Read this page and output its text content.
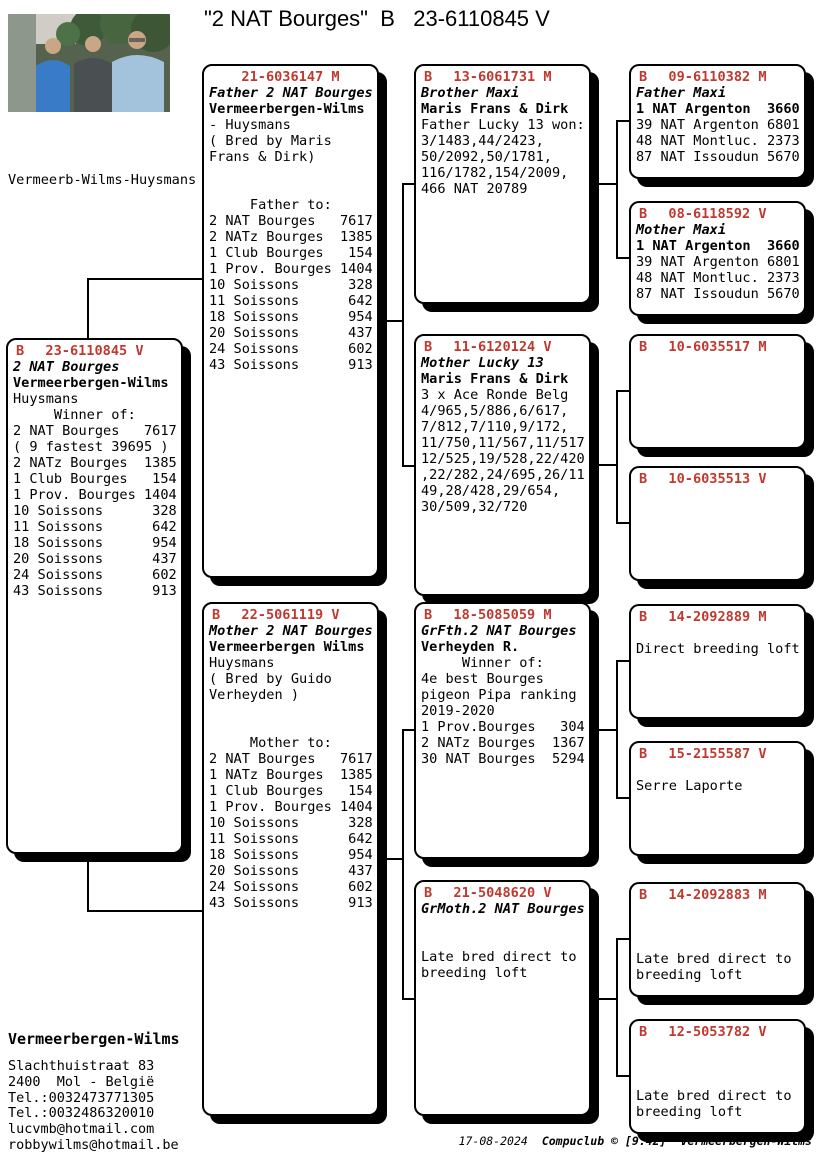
"2 NAT Bourges"  B   23-6110845 V
Vermeerb-Wilms-Huysmans
B 23-6110845 V
2 NAT Bourges
Vermeerbergen-Wilms
Huysmans
Winner of:
2 NAT Bourges   7617
( 9 fastest 39695 )
2 NATz Bourges  1385
1 Club Bourges   154
1 Prov. Bourges 1404
10 Soissons      328
11 Soissons      642
18 Soissons      954
20 Soissons      437
24 Soissons      602
43 Soissons      913
21-6036147 M
Father 2 NAT Bourges
Vermeerbergen-Wilms
- Huysmans
( Bred by Maris
Frans & Dirk)
Father to:
2 NAT Bourges   7617
2 NATz Bourges  1385
1 Club Bourges   154
1 Prov. Bourges 1404
10 Soissons      328
11 Soissons      642
18 Soissons      954
20 Soissons      437
24 Soissons      602
43 Soissons      913
B 22-5061119 V
Mother 2 NAT Bourges
Vermeerbergen Wilms
Huysmans
( Bred by Guido
Verheyden )
Mother to:
2 NAT Bourges   7617
1 NATz Bourges  1385
1 Club Bourges   154
1 Prov. Bourges 1404
10 Soissons      328
11 Soissons      642
18 Soissons      954
20 Soissons      437
24 Soissons      602
43 Soissons      913
B 13-6061731 M
Brother Maxi
Maris Frans & Dirk
Father Lucky 13 won:
3/1483,44/2423,
50/2092,50/1781,
116/1782,154/2009,
466 NAT 20789
B 11-6120124 V
Mother Lucky 13
Maris Frans & Dirk
3 x Ace Ronde Belg
4/965,5/886,6/617,
7/812,7/110,9/172,
11/750,11/567,11/517
12/525,19/528,22/420
,22/282,24/695,26/11
49,28/428,29/654,
30/509,32/720
B 18-5085059 M
GrFth.2 NAT Bourges
Verheyden R.
Winner of:
4e best Bourges
pigeon Pipa ranking
2019-2020
1 Prov.Bourges   304
2 NATz Bourges  1367
30 NAT Bourges  5294
B 21-5048620 V
GrMoth.2 NAT Bourges
Late bred direct to
breeding loft
B 09-6110382 M
Father Maxi
1 NAT Argenton  3660
39 NAT Argenton 6801
48 NAT Montluc. 2373
87 NAT Issoudun 5670
B 08-6118592 V
Mother Maxi
1 NAT Argenton  3660
39 NAT Argenton 6801
48 NAT Montluc. 2373
87 NAT Issoudun 5670
B 10-6035517 M
B 10-6035513 V
B 14-2092889 M
Direct breeding loft
B 15-2155587 V
Serre Laporte
B 14-2092883 M
Late bred direct to
breeding loft
B 12-5053782 V
Late bred direct to
breeding loft
Vermeerbergen-Wilms
Slachthuistraat 83
2400  Mol - België
Tel.:0032473771305
Tel.:0032486320010
lucvmb@hotmail.com
robbywilms@hotmail.be	17-08-2024 Compuclub © [9.42] Vermeerbergen-Wilms
